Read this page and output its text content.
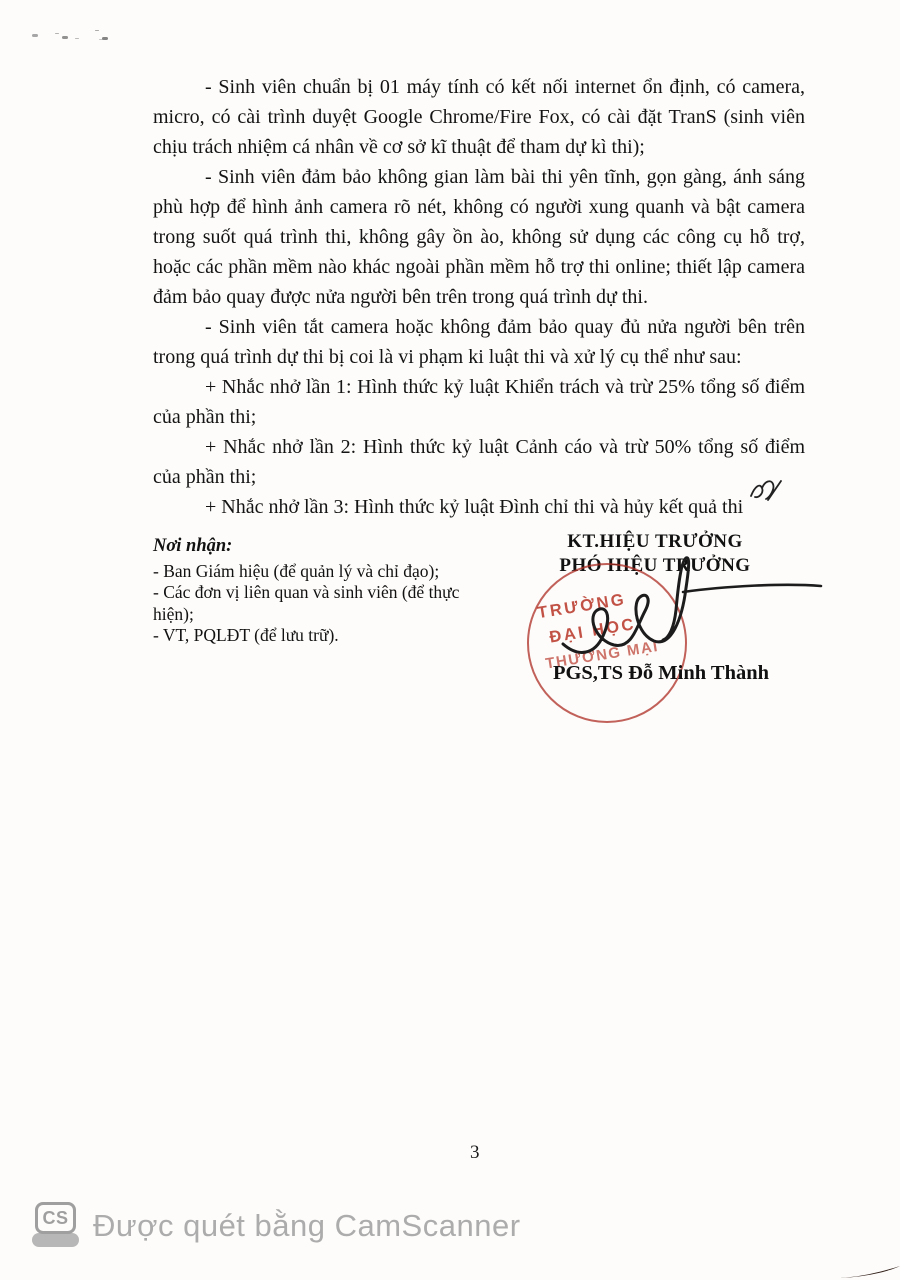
- Sinh viên chuẩn bị 01 máy tính có kết nối internet ổn định, có camera, micro, có cài trình duyệt Google Chrome/Fire Fox, có cài đặt TranS (sinh viên chịu trách nhiệm cá nhân về cơ sở kĩ thuật để tham dự kì thi);

- Sinh viên đảm bảo không gian làm bài thi yên tĩnh, gọn gàng, ánh sáng phù hợp để hình ảnh camera rõ nét, không có người xung quanh và bật camera trong suốt quá trình thi, không gây ồn ào, không sử dụng các công cụ hỗ trợ, hoặc các phần mềm nào khác ngoài phần mềm hỗ trợ thi online; thiết lập camera đảm bảo quay được nửa người bên trên trong quá trình dự thi.

- Sinh viên tắt camera hoặc không đảm bảo quay đủ nửa người bên trên trong quá trình dự thi bị coi là vi phạm ki luật thi và xử lý cụ thể như sau:

+ Nhắc nhở lần 1: Hình thức kỷ luật Khiển trách và trừ 25% tổng số điểm của phần thi;

+ Nhắc nhở lần 2: Hình thức kỷ luật Cảnh cáo và trừ 50% tổng số điểm của phần thi;

+ Nhắc nhở lần 3: Hình thức kỷ luật Đình chỉ thi và hủy kết quả thi

Nơi nhận:
- Ban Giám hiệu (để quản lý và chỉ đạo);
- Các đơn vị liên quan và sinh viên (để thực hiện);
- VT, PQLĐT (để lưu trữ).
KT.HIỆU TRƯỞNG
PHÓ HIỆU TRƯỞNG
TRƯỜNG
ĐẠI HỌC
THƯƠNG MẠI
PGS,TS Đỗ Minh Thành
3
CS Được quét bằng CamScanner
